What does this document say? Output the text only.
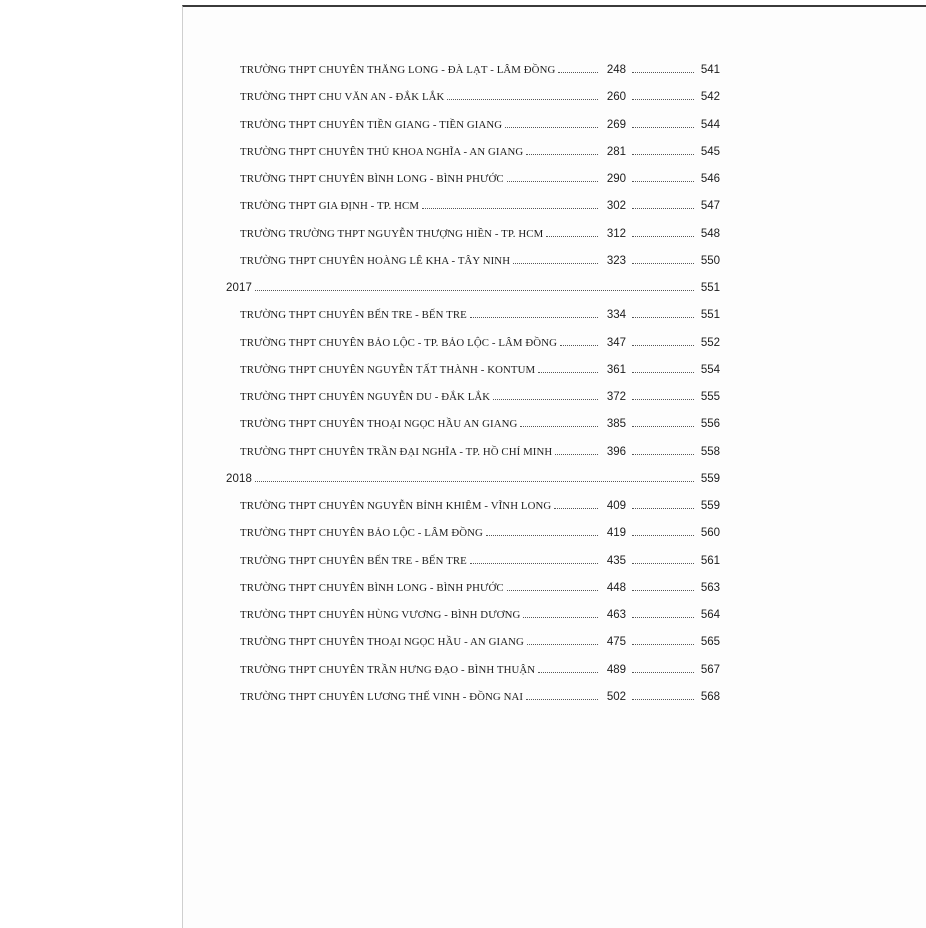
TRƯỜNG THPT CHUYÊN THĂNG LONG - ĐÀ LẠT - LÂM ĐỒNG	248	541
TRƯỜNG THPT CHU VĂN AN - ĐẮK LẮK	260	542
TRƯỜNG THPT CHUYÊN TIỀN GIANG - TIỀN GIANG	269	544
TRƯỜNG THPT CHUYÊN THỦ KHOA NGHĨA - AN GIANG	281	545
TRƯỜNG THPT CHUYÊN BÌNH LONG - BÌNH PHƯỚC	290	546
TRƯỜNG THPT GIA ĐỊNH - TP. HCM	302	547
TRƯỜNG TRƯỜNG THPT NGUYỄN THƯỢNG HIỀN - TP. HCM	312	548
TRƯỜNG THPT CHUYÊN HOÀNG LÊ KHA - TÂY NINH	323	550
2017	551
TRƯỜNG THPT CHUYÊN BẾN TRE - BẾN TRE	334	551
TRƯỜNG THPT CHUYÊN BẢO LỘC - TP. BẢO LỘC - LÂM ĐỒNG	347	552
TRƯỜNG THPT CHUYÊN NGUYỄN TẤT THÀNH - KONTUM	361	554
TRƯỜNG THPT CHUYÊN NGUYỄN DU - ĐẮK LẮK	372	555
TRƯỜNG THPT CHUYÊN THOẠI NGỌC HẦU AN GIANG	385	556
TRƯỜNG THPT CHUYÊN TRẦN ĐẠI NGHĨA - TP. HỒ CHÍ MINH	396	558
2018	559
TRƯỜNG THPT CHUYÊN NGUYỄN BỈNH KHIÊM - VĨNH LONG	409	559
TRƯỜNG THPT CHUYÊN BẢO LỘC - LÂM ĐỒNG	419	560
TRƯỜNG THPT CHUYÊN BẾN TRE - BẾN TRE	435	561
TRƯỜNG THPT CHUYÊN BÌNH LONG - BÌNH PHƯỚC	448	563
TRƯỜNG THPT CHUYÊN HÙNG VƯƠNG - BÌNH DƯƠNG	463	564
TRƯỜNG THPT CHUYÊN THOẠI NGỌC HẦU - AN GIANG	475	565
TRƯỜNG THPT CHUYÊN TRẦN HƯNG ĐẠO - BÌNH THUẬN	489	567
TRƯỜNG THPT CHUYÊN LƯƠNG THẾ VINH - ĐỒNG NAI	502	568
